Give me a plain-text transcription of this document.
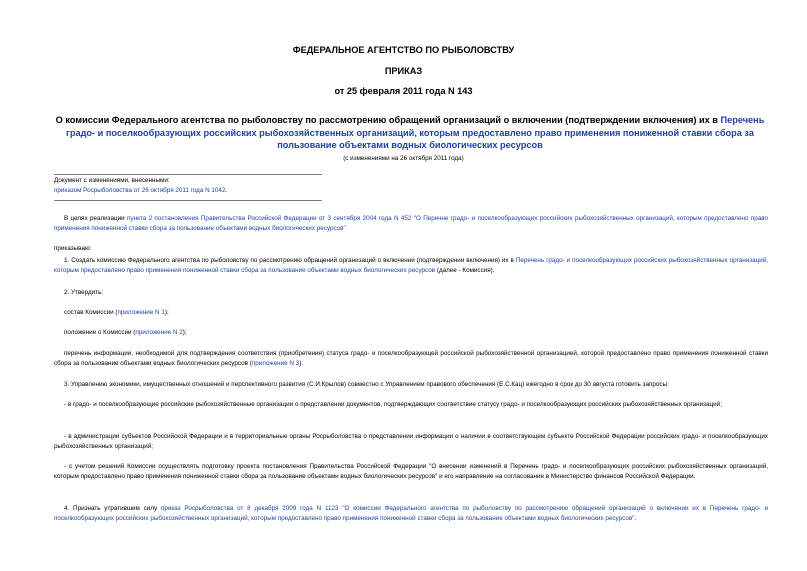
ФЕДЕРАЛЬНОЕ АГЕНТСТВО ПО РЫБОЛОВСТВУ
ПРИКАЗ
от 25 февраля 2011 года N 143
О комиссии Федерального агентства по рыболовству по рассмотрению обращений организаций о включении (подтверждении включения) их в Перечень градо- и поселкообразующих российских рыбохозяйственных организаций, которым предоставлено право применения пониженной ставки сбора за пользование объектами водных биологических ресурсов
(с изменениями на 26 октября 2011 года)
Документ с изменениями, внесенными:
приказом Росрыболовства от 26 октября 2011 года N 1042.

В целях реализации пункта 2 постановления Правительства Российской Федерации от 3 сентября 2004 года N 452 "О Перечне градо- и поселкообразующих российских рыбохозяйственных организаций, которым предоставлено право применения пониженной ставки сбора за пользование объектами водных биологических ресурсов"

приказываю:

1. Создать комиссию Федерального агентства по рыболовству по рассмотрению обращений организаций о включении (подтверждении включения) их в Перечень градо- и поселкообразующих российских рыбохозяйственных организаций, которым предоставлено право применения пониженной ставки сбора за пользование объектами водных биологических ресурсов (далее - Комиссия).

2. Утвердить:

состав Комиссии (приложение N 1);

положение о Комиссии (приложение N 2);

перечень информации, необходимой для подтверждения соответствия (приобретения) статуса градо- и поселкообразующей российской рыбохозяйственной организацией, которой предоставлено право применения пониженной ставки сбора за пользование объектами водных биологических ресурсов (приложение N 3).

3. Управлению экономики, имущественных отношений и перспективного развития (С.И.Крылов) совместно с Управлением правового обеспечения (Е.С.Кац) ежегодно в срок до 30 августа готовить запросы:

- в градо- и поселкообразующие российские рыбохозяйственные организации о представлении документов, подтверждающих соответствие статусу градо- и поселкообразующих российских рыбохозяйственных организаций;

- в администрации субъектов Российской Федерации и в территориальные органы Росрыболовства о представлении информации о наличии в соответствующем субъекте Российской Федерации российских градо- и поселкообразующих рыбохозяйственных организаций;

- с учетом решений Комиссии осуществлять подготовку проекта постановления Правительства Российской Федерации "О внесении изменений в Перечень градо- и поселкообразующих российских рыбохозяйственных организаций, которым предоставлено право применения пониженной ставки сбора за пользование объектами водных биологических ресурсов" и его направление на согласование в Министерство финансов Российской Федерации.

4. Признать утратившим силу приказ Росрыболовства от 8 декабря 2009 года N 1123 "О комиссии Федерального агентства по рыболовству по рассмотрению обращений организаций о включении их в Перечень градо- и поселкообразующих российских рыбохозяйственных организаций, которым предоставлено право применения пониженной ставки сбора за пользование объектами водных биологических ресурсов".
